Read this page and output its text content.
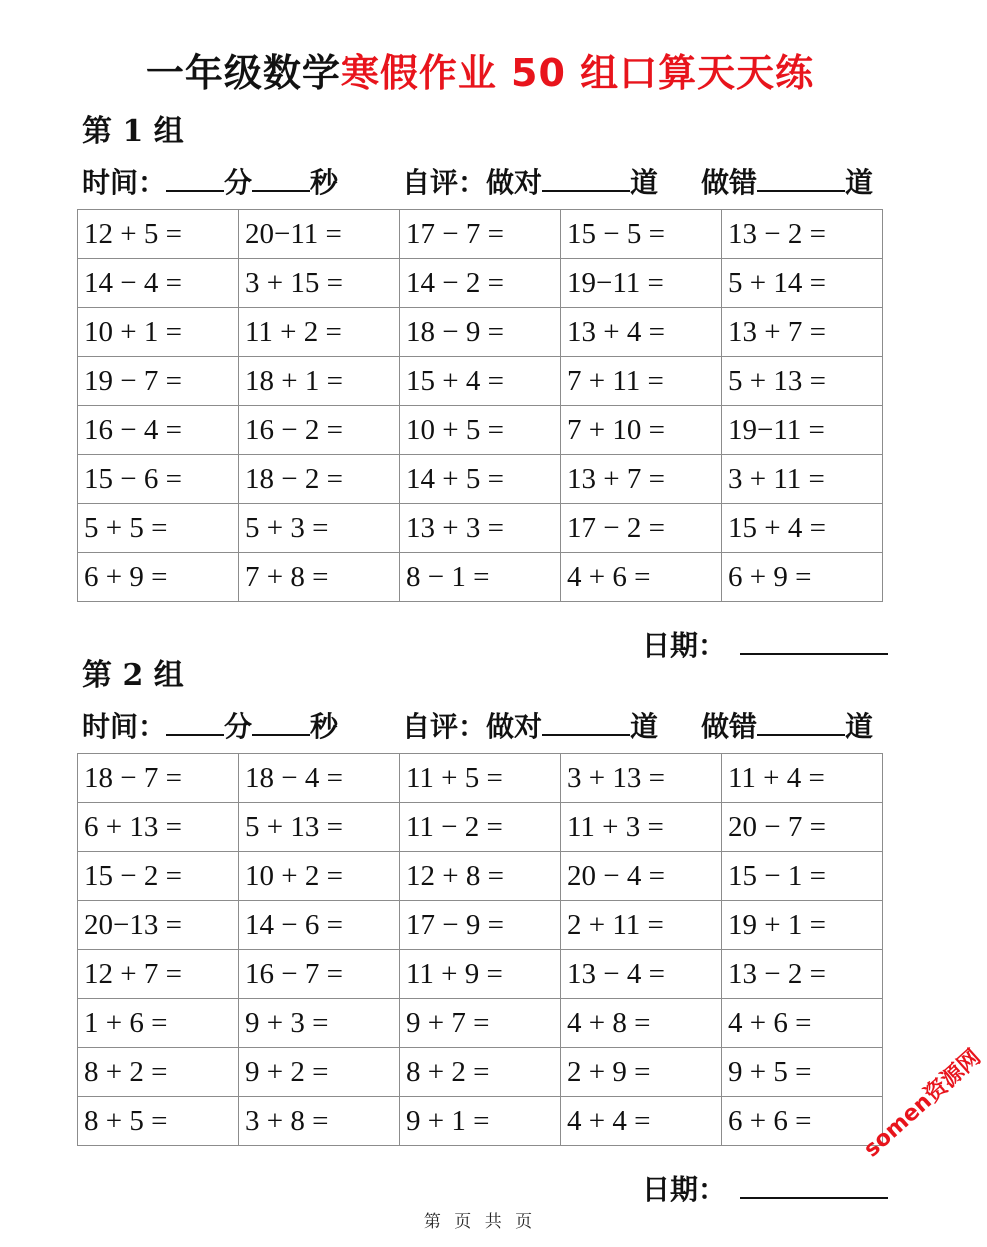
一年级数学寒假作业 50 组口算天天练
第 1 组
时间： 分 秒 自评：做对	道 做错	道
12 + 5 =	20−11 =	17 − 7 =	15 − 5 =	13 − 2 =
14 − 4 =	3 + 15 =	14 − 2 =	19−11 =	5 + 14 =
10 + 1 =	11 + 2 =	18 − 9 =	13 + 4 =	13 + 7 =
19 − 7 =	18 + 1 =	15 + 4 =	7 + 11 =	5 + 13 =
16 − 4 =	16 − 2 =	10 + 5 =	7 + 10 =	19−11 =
15 − 6 =	18 − 2 =	14 + 5 =	13 + 7 =	3 + 11 =
5 + 5 =	5 + 3 =	13 + 3 =	17 − 2 =	15 + 4 =
6 + 9 =	7 + 8 =	8 − 1 =	4 + 6 =	6 + 9 =
日期：
第 2 组
时间： 分 秒 自评：做对	道 做错	道
18 − 7 =	18 − 4 =	11 + 5 =	3 + 13 =	11 + 4 =
6 + 13 =	5 + 13 =	11 − 2 =	11 + 3 =	20 − 7 =
15 − 2 =	10 + 2 =	12 + 8 =	20 − 4 =	15 − 1 =
20−13 =	14 − 6 =	17 − 9 =	2 + 11 =	19 + 1 =
12 + 7 =	16 − 7 =	11 + 9 =	13 − 4 =	13 − 2 =
1 + 6 =	9 + 3 =	9 + 7 =	4 + 8 =	4 + 6 =
8 + 2 =	9 + 2 =	8 + 2 =	2 + 9 =	9 + 5 =
8 + 5 =	3 + 8 =	9 + 1 =	4 + 4 =	6 + 6 =
日期：
第 页 共 页
somen资源网
